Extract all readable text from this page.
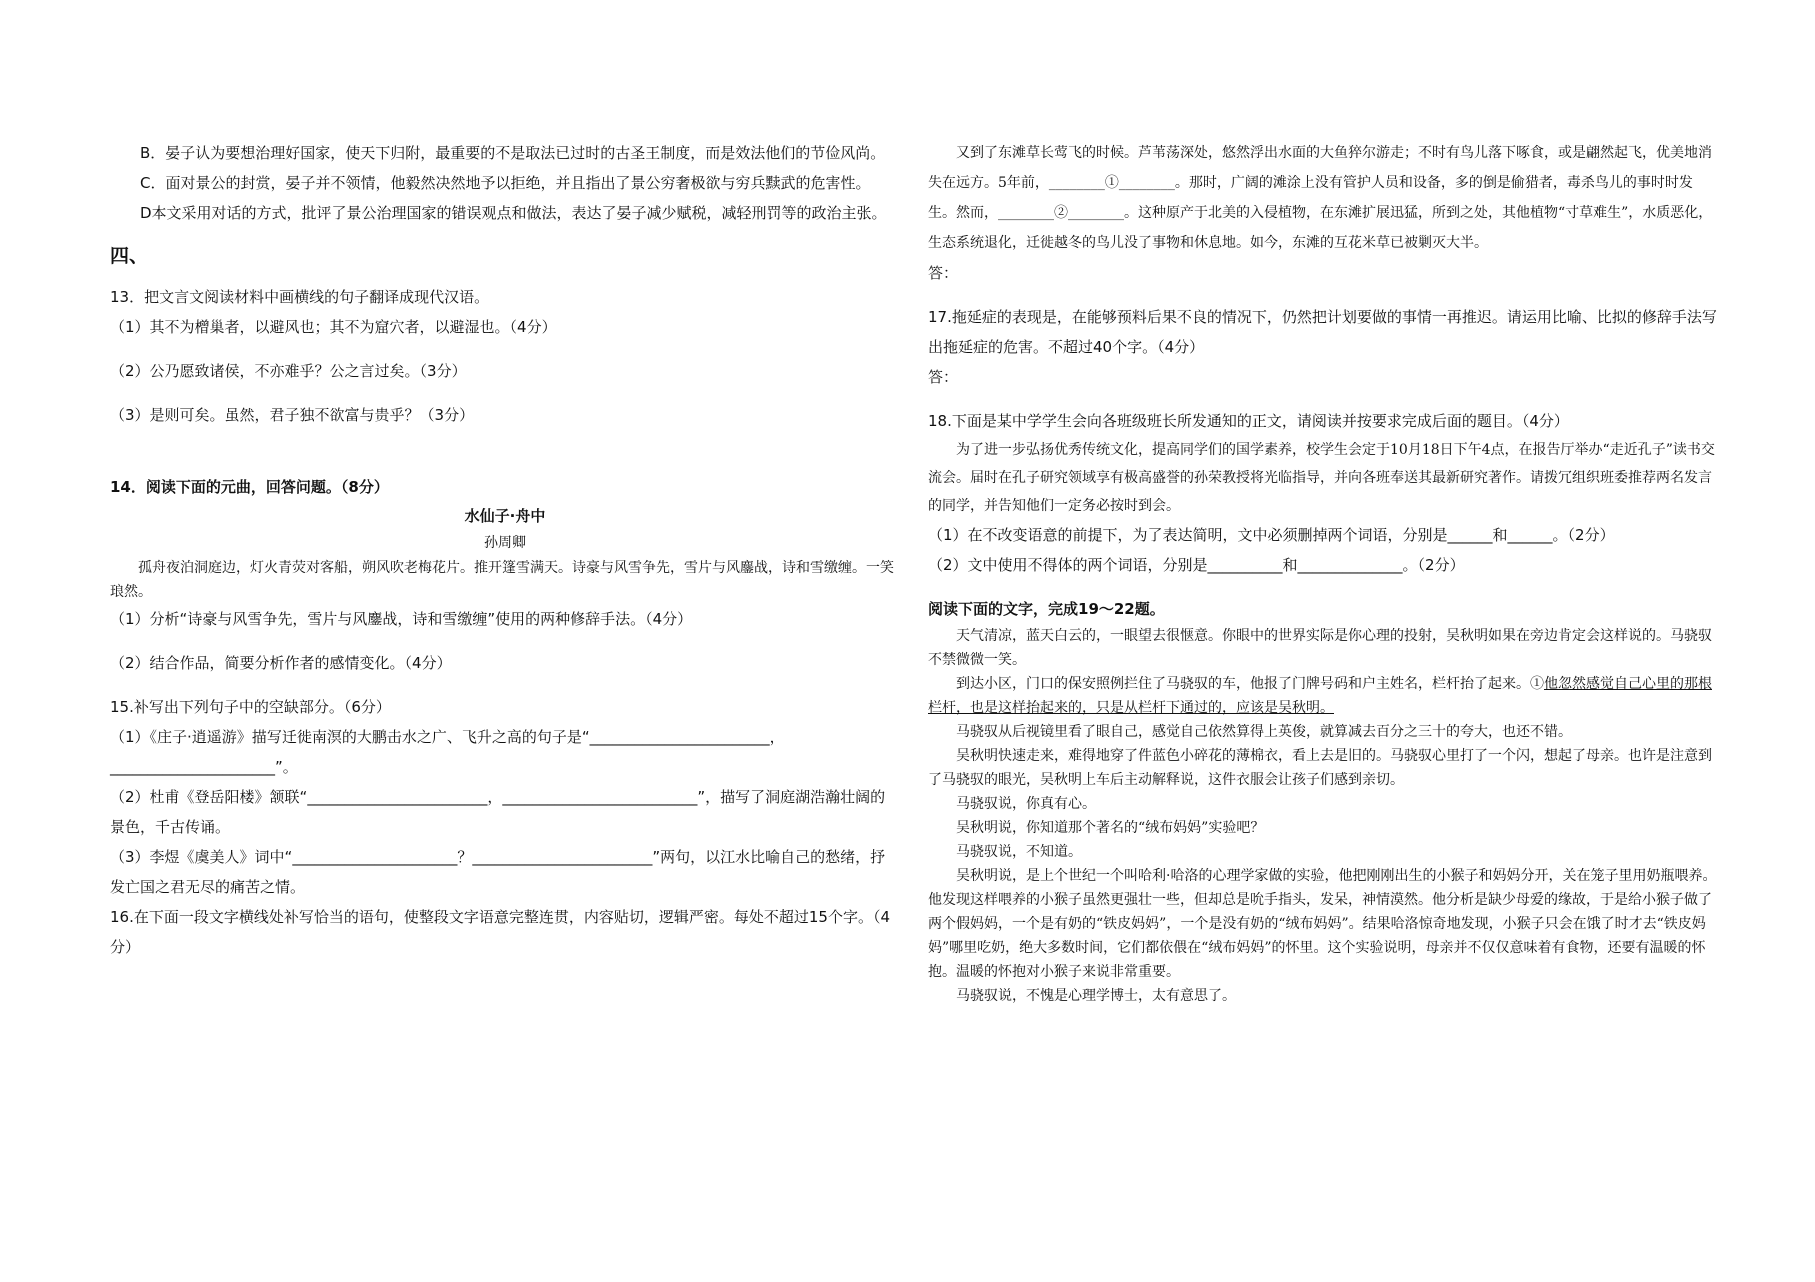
B．晏子认为要想治理好国家，使天下归附，最重要的不是取法已过时的古圣王制度，而是效法他们的节俭风尚。

C．面对景公的封赏，晏子并不领情，他毅然决然地予以拒绝，并且指出了景公穷奢极欲与穷兵黩武的危害性。

D本文采用对话的方式，批评了景公治理国家的错误观点和做法，表达了晏子减少赋税，减轻刑罚等的政治主张。

四、

13．把文言文阅读材料中画横线的句子翻译成现代汉语。

（1）其不为橧巢者，以避风也；其不为窟穴者，以避湿也。（4分）

（2）公乃愿致诸侯，不亦难乎？公之言过矣。（3分）

（3）是则可矣。虽然，君子独不欲富与贵乎？（3分）

14．阅读下面的元曲，回答问题。（8分）

水仙子·舟中
孙周卿

孤舟夜泊洞庭边，灯火青荧对客船，朔风吹老梅花片。推开篷雪满天。诗豪与风雪争先，雪片与风鏖战，诗和雪缴缠。一笑琅然。

（1）分析“诗豪与风雪争先，雪片与风鏖战，诗和雪缴缠”使用的两种修辞手法。（4分）

（2）结合作品，简要分析作者的感情变化。（4分）

15.补写出下列句子中的空缺部分。（6分）

（1）《庄子·逍遥游》描写迁徙南溟的大鹏击水之广、飞升之高的句子是“________________________，______________________”。

（2）杜甫《登岳阳楼》颔联“________________________，__________________________”，描写了洞庭湖浩瀚壮阔的景色，千古传诵。

（3）李煜《虞美人》词中“______________________？________________________”两句，以江水比喻自己的愁绪，抒发亡国之君无尽的痛苦之情。

16.在下面一段文字横线处补写恰当的语句，使整段文字语意完整连贯，内容贴切，逻辑严密。每处不超过15个字。（4分）

又到了东滩草长莺飞的时候。芦苇荡深处，悠然浮出水面的大鱼猝尔游走；不时有鸟儿落下啄食，或是翩然起飞，优美地消失在远方。5年前，________①________。那时，广阔的滩涂上没有管护人员和设备，多的倒是偷猎者，毒杀鸟儿的事时时发生。然而，________②________。这种原产于北美的入侵植物，在东滩扩展迅猛，所到之处，其他植物“寸草难生”，水质恶化，生态系统退化，迁徙越冬的鸟儿没了事物和休息地。如今，东滩的互花米草已被剿灭大半。

答：

17.拖延症的表现是，在能够预料后果不良的情况下，仍然把计划要做的事情一再推迟。请运用比喻、比拟的修辞手法写出拖延症的危害。不超过40个字。（4分）

答：

18.下面是某中学学生会向各班级班长所发通知的正文，请阅读并按要求完成后面的题目。（4分）

为了进一步弘扬优秀传统文化，提高同学们的国学素养，校学生会定于10月18日下午4点，在报告厅举办“走近孔子”读书交流会。届时在孔子研究领域享有极高盛誉的孙荣教授将光临指导，并向各班奉送其最新研究著作。请拨冗组织班委推荐两名发言的同学，并告知他们一定务必按时到会。

（1）在不改变语意的前提下，为了表达简明，文中必须删掉两个词语，分别是______和______。（2分）

（2）文中使用不得体的两个词语，分别是__________和______________。（2分）

阅读下面的文字，完成19～22题。

天气清凉，蓝天白云的，一眼望去很惬意。你眼中的世界实际是你心理的投射，吴秋明如果在旁边肯定会这样说的。马骁驭不禁微微一笑。

到达小区，门口的保安照例拦住了马骁驭的车，他报了门牌号码和户主姓名，栏杆抬了起来。①他忽然感觉自己心里的那根栏杆，也是这样抬起来的，只是从栏杆下通过的，应该是吴秋明。

马骁驭从后视镜里看了眼自己，感觉自己依然算得上英俊，就算减去百分之三十的夸大，也还不错。

吴秋明快速走来，难得地穿了件蓝色小碎花的薄棉衣，看上去是旧的。马骁驭心里打了一个闪，想起了母亲。也许是注意到了马骁驭的眼光，吴秋明上车后主动解释说，这件衣服会让孩子们感到亲切。

马骁驭说，你真有心。

吴秋明说，你知道那个著名的“绒布妈妈”实验吧？

马骁驭说，不知道。

吴秋明说，是上个世纪一个叫哈利·哈洛的心理学家做的实验，他把刚刚出生的小猴子和妈妈分开，关在笼子里用奶瓶喂养。他发现这样喂养的小猴子虽然更强壮一些，但却总是吮手指头，发呆，神情漠然。他分析是缺少母爱的缘故，于是给小猴子做了两个假妈妈，一个是有奶的“铁皮妈妈”，一个是没有奶的“绒布妈妈”。结果哈洛惊奇地发现，小猴子只会在饿了时才去“铁皮妈妈”哪里吃奶，绝大多数时间，它们都依偎在“绒布妈妈”的怀里。这个实验说明，母亲并不仅仅意味着有食物，还要有温暖的怀抱。温暖的怀抱对小猴子来说非常重要。

马骁驭说，不愧是心理学博士，太有意思了。
